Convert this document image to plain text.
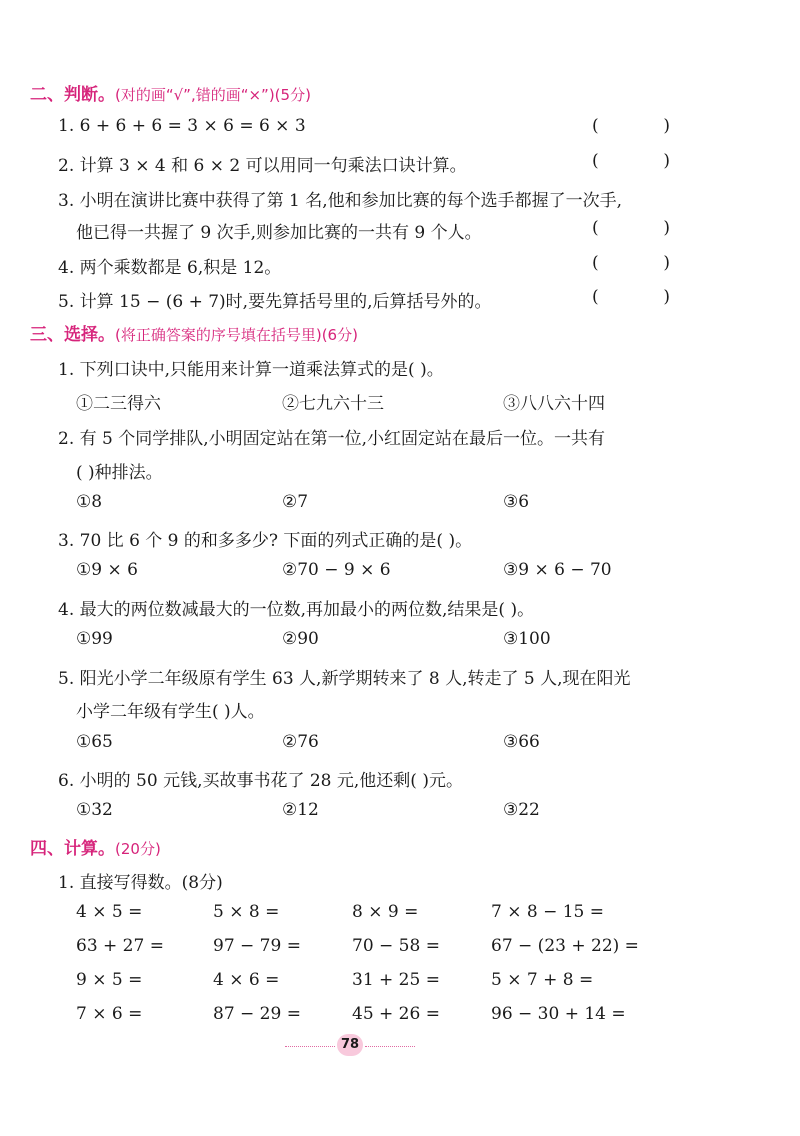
二、判断。(对的画“√”,错的画“×”)(5分)
1. 6 + 6 + 6 = 3 × 6 = 6 × 3	(	)
2. 计算 3 × 4 和 6 × 2 可以用同一句乘法口诀计算。	(	)
3. 小明在演讲比赛中获得了第 1 名,他和参加比赛的每个选手都握了一次手,
他已得一共握了 9 次手,则参加比赛的一共有 9 个人。	(	)
4. 两个乘数都是 6,积是 12。	(	)
5. 计算 15 − (6 + 7)时,要先算括号里的,后算括号外的。	(	)
三、选择。(将正确答案的序号填在括号里)(6分)
1. 下列口诀中,只能用来计算一道乘法算式的是( )。
①二三得六	②七九六十三	③八八六十四
2. 有 5 个同学排队,小明固定站在第一位,小红固定站在最后一位。一共有
( )种排法。
①8	②7	③6
3. 70 比 6 个 9 的和多多少? 下面的列式正确的是( )。
①9 × 6	②70 − 9 × 6	③9 × 6 − 70
4. 最大的两位数减最大的一位数,再加最小的两位数,结果是( )。
①99	②90	③100
5. 阳光小学二年级原有学生 63 人,新学期转来了 8 人,转走了 5 人,现在阳光
小学二年级有学生( )人。
①65	②76	③66
6. 小明的 50 元钱,买故事书花了 28 元,他还剩( )元。
①32	②12	③22
四、计算。(20分)
1. 直接写得数。(8分)
4 × 5 =	5 × 8 =	8 × 9 =	7 × 8 − 15 =
63 + 27 =	97 − 79 =	70 − 58 =	67 − (23 + 22) =
9 × 5 =	4 × 6 =	31 + 25 =	5 × 7 + 8 =
7 × 6 =	87 − 29 =	45 + 26 =	96 − 30 + 14 =
78
